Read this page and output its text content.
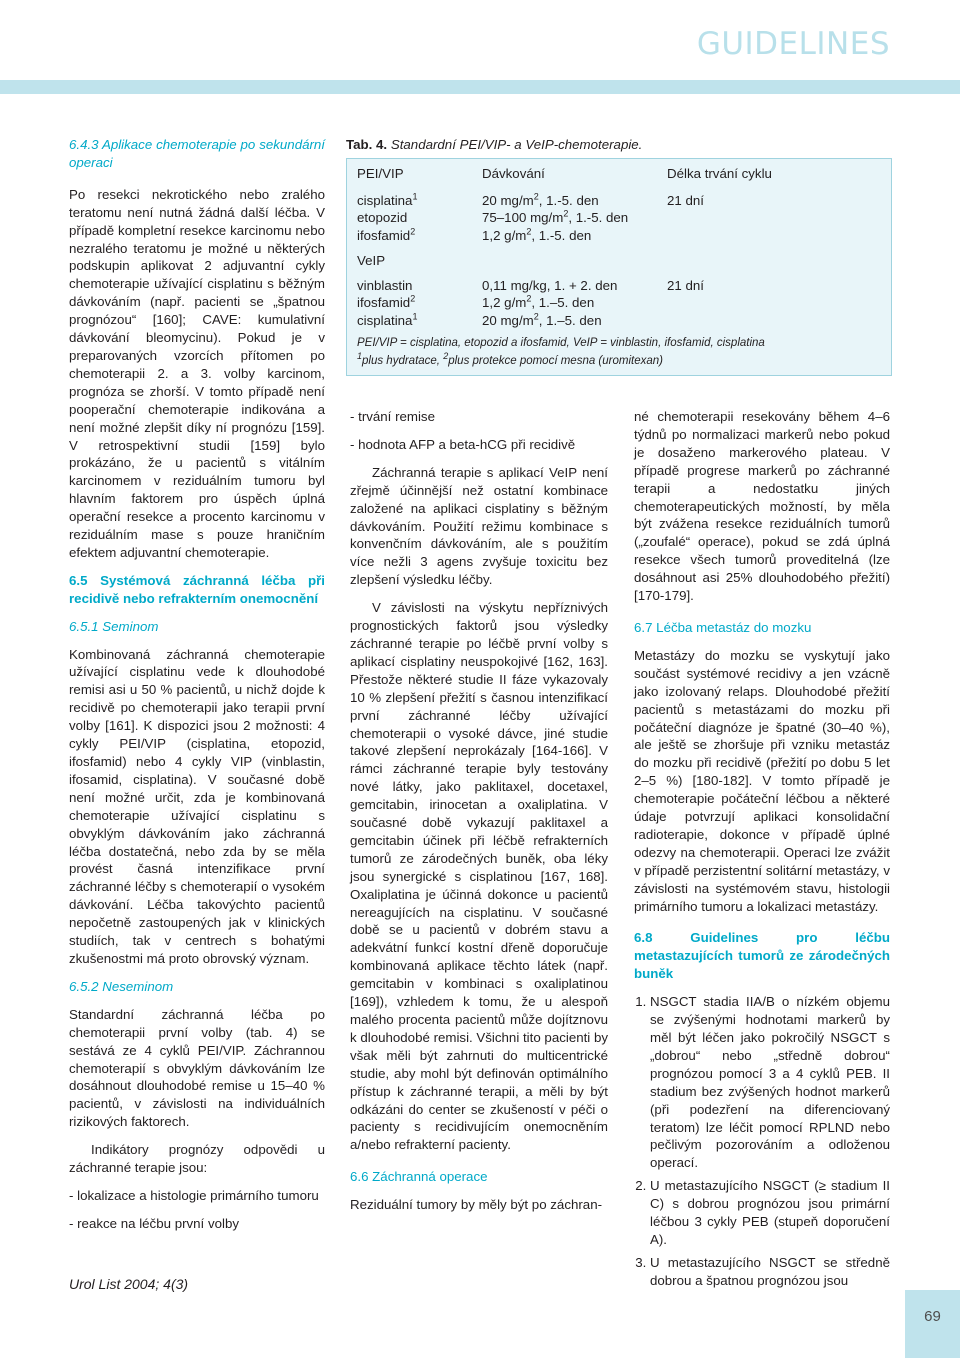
GUIDELINES

6.4.3 Aplikace chemoterapie po sekundární operaci

Po resekci nekrotického nebo zralého teratomu není nutná žádná další léčba. V případě kompletní resekce karcinomu nebo nezralého teratomu je možné u některých podskupin aplikovat 2 adjuvantní cykly chemoterapie užívající cisplatinu s běžným dávkováním (např. pacienti se „špatnou prognózou“ [160]; CAVE: kumulativní dávkování bleomycinu). Pokud je v preparovaných vzorcích přítomen po chemoterapii 2. a 3. volby karcinom, prognóza se zhorší. V tomto případě není pooperační chemoterapie indikována a není možné zlepšit díky ní prognózu [159]. V retrospektivní studii [159] bylo prokázáno, že u pacientů s vitálním karcinomem v reziduálním tumoru byl hlavním faktorem pro úspěch úplná operační resekce a procento karcinomu v reziduálním mase s pouze hraničním efektem adjuvantní chemoterapie.

6.5 Systémová záchranná léčba při recidivě nebo refrakterním onemocnění

6.5.1 Seminom

Kombinovaná záchranná chemoterapie užívající cisplatinu vede k dlouhodobé remisi asi u 50 % pacientů, u nichž dojde k recidivě po chemoterapii jako terapii první volby [161]. K dispozici jsou 2 možnosti: 4 cykly PEI/VIP (cisplatina, etopozid, ifosfamid) nebo 4 cykly VIP (vinblastin, ifosamid, cisplatina). V současné době není možné určit, zda je kombinovaná chemoterapie užívající cisplatinu s obvyklým dávkováním jako záchranná léčba dostatečná, nebo zda by se měla provést časná intenzifikace první záchranné léčby s chemoterapií o vysokém dávkování. Léčba takovýchto pacientů nepočetně zastoupených jak v klinických studiích, tak v centrech s bohatými zkušenostmi má proto obrovský význam.

6.5.2 Neseminom

Standardní záchranná léčba po chemoterapii první volby (tab. 4) se sestává ze 4 cyklů PEI/VIP. Záchrannou chemoterapií s obvyklým dávkováním lze dosáhnout dlouhodobé remise u 15–40 % pacientů, v závislosti na individuálních rizikových faktorech.

Indikátory prognózy odpovědi u záchranné terapie jsou:

- lokalizace a histologie primárního tumoru

- reakce na léčbu první volby

Tab. 4. Standardní PEI/VIP- a VeIP-chemoterapie.
PEI/VIP	Dávkování	Délka trvání cyklu
cisplatina$^1$	20 $mg/m^2$, 1.-5. den	21 dní
etopozid	75–100 $mg/m^2$, 1.-5. den
ifosfamid$^2$	1,2 $g/m^2$, 1.-5. den
VeIP
vinblastin	0,11 mg/kg, 1. + 2. den	21 dní
ifosfamid$^2$	1,2 $g/m^2$, 1.–5. den
cisplatina$^1$	20 $mg/m^2$, 1.–5. den
PEI/VIP = cisplatina, etopozid a ifosfamid, VeIP = vinblastin, ifosfamid, cisplatina
$^1$plus hydratace, $^2$plus protekce pomocí mesna (uromitexan)

- trvání remise

- hodnota AFP a beta-hCG při recidivě

Záchranná terapie s aplikací VeIP není zřejmě účinnější než ostatní kombinace založené na aplikaci cisplatiny s běžným dávkováním. Použití režimu kombinace s konvenčním dávkováním, ale s použitím více nežli 3 agens zvyšuje toxicitu bez zlepšení výsledku léčby.

V závislosti na výskytu nepříznivých prognostických faktorů jsou výsledky záchranné terapie po léčbě první volby s aplikací cisplatiny neuspokojivé [162, 163]. Přestože některé studie II fáze vykazovaly 10 % zlepšení přežití s časnou intenzifikací první záchranné léčby užívající chemoterapii o vysoké dávce, jiné studie takové zlepšení neprokázaly [164-166]. V rámci záchranné terapie byly testovány nové látky, jako paklitaxel, docetaxel, gemcitabin, irinocetan a oxaliplatina. V současné době vykazují paklitaxel a gemcitabin účinek při léčbě refrakterních tumorů ze zárodečných buněk, oba léky jsou synergické s cisplatinou [167, 168]. Oxaliplatina je účinná dokonce u pacientů nereagujících na cisplatinu. V současné době se u pacientů v dobrém stavu a adekvátní funkcí kostní dřeně doporučuje kombinovaná aplikace těchto látek (např. gemcitabin v kombinaci s oxaliplatinou [169]), vzhledem k tomu, že u alespoň malého procenta pacientů může dojítznovu k dlouhodobé remisi. Všichni tito pacienti by však měli být zahrnuti do multicentrické studie, aby mohl být definován optimálního přístup k záchranné terapii, a měli by být odkázáni do center se zkušeností v péči o pacienty s recidivujícím onemocněním a/nebo refrakterní pacienty.

6.6 Záchranná operace

Reziduální tumory by měly být po záchran-

né chemoterapii resekovány během 4–6 týdnů po normalizaci markerů nebo pokud je dosaženo markerového plateau. V případě progrese markerů po záchranné terapii a nedostatku jiných chemoterapeutických možností, by měla být zvážena resekce reziduálních tumorů („zoufalé“ operace), pokud se zdá úplná resekce všech tumorů proveditelná (lze dosáhnout asi 25% dlouhodobého přežití) [170-179].

6.7 Léčba metastáz do mozku

Metastázy do mozku se vyskytují jako součást systémové recidivy a jen vzácně jako izolovaný relaps. Dlouhodobé přežití pacientů s metastázami do mozku při počáteční diagnóze je špatné (30–40 %), ale ještě se zhoršuje při vzniku metastáz do mozku při recidivě (přežití po dobu 5 let 2–5 %) [180-182]. V tomto případě je chemoterapie počáteční léčbou a některé údaje potvrzují aplikaci konsolidační radioterapie, dokonce v případě úplné odezvy na chemoterapii. Operaci lze zvážit v případě perzistentní solitární metastázy, v závislosti na systémovém stavu, histologii primárního tumoru a lokalizaci metastázy.

6.8 Guidelines pro léčbu metastazujících tumorů ze zárodečných buněk

1. NSGCT stadia IIA/B o nízkém objemu se zvýšenými hodnotami markerů by měl být léčen jako pokročilý NSGCT s „dobrou“ nebo „středně dobrou“ prognózou pomocí 3 a 4 cyklů PEB. II stadium bez zvýšených hodnot markerů (při podezření na diferenciovaný teratom) lze léčit pomocí RPLND nebo pečlivým pozorováním a odloženou operací.
2. U metastazujícího NSGCT (≥ stadium II C) s dobrou prognózou jsou primární léčbou 3 cykly PEB (stupeň doporučení A).
3. U metastazujícího NSGCT se středně dobrou a špatnou prognózou jsou
Urol List 2004; 4(3)
69
